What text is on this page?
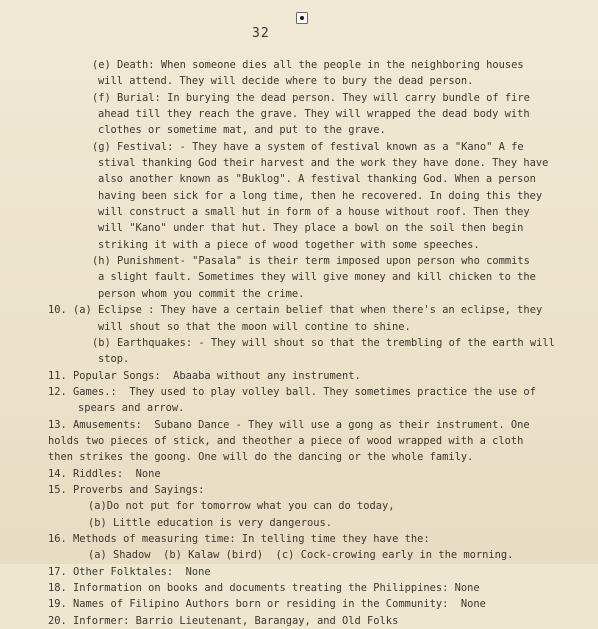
32
(e) Death: When someone dies all the people in the neighboring houses
will attend. They will decide where to bury the dead person.
(f) Burial: In burying the dead person. They will carry bundle of fire
ahead till they reach the grave. They will wrapped the dead body with
clothes or sometime mat, and put to the grave.
(g) Festival: - They have a system of festival known as a "Kano" A fe
stival thanking God their harvest and the work they have done. They have
also another known as "Buklog". A festival thanking God. When a person
having been sick for a long time, then he recovered. In doing this they
will construct a small hut in form of a house without roof. Then they
will "Kano" under that hut. They place a bowl on the soil then begin
striking it with a piece of wood together with some speeches.
(h) Punishment- "Pasala" is their term imposed upon person who commits
a slight fault. Sometimes they will give money and kill chicken to the
person whom you commit the crime.
10. (a) Eclipse : They have a certain belief that when there's an eclipse, they
will shout so that the moon will contine to shine.
(b) Earthquakes: - They will shout so that the trembling of the earth will
stop.
11. Popular Songs:  Abaaba without any instrument.
12. Games.:  They used to play volley ball. They sometimes practice the use of
spears and arrow.
13. Amusements:  Subano Dance - They will use a gong as their instrument. One
holds two pieces of stick, and theother a piece of wood wrapped with a cloth
then strikes the goong. One will do the dancing or the whole family.
14. Riddles:  None
15. Proverbs and Sayings:
(a)Do not put for tomorrow what you can do today,
(b) Little education is very dangerous.
16. Methods of measuring time: In telling time they have the:
(a) Shadow  (b) Kalaw (bird)  (c) Cock-crowing early in the morning.
17. Other Folktales:  None
18. Information on books and documents treating the Philippines: None
19. Names of Filipino Authors born or residing in the Community:  None
20. Informer: Barrio Lieutenant, Barangay, and Old Folks
